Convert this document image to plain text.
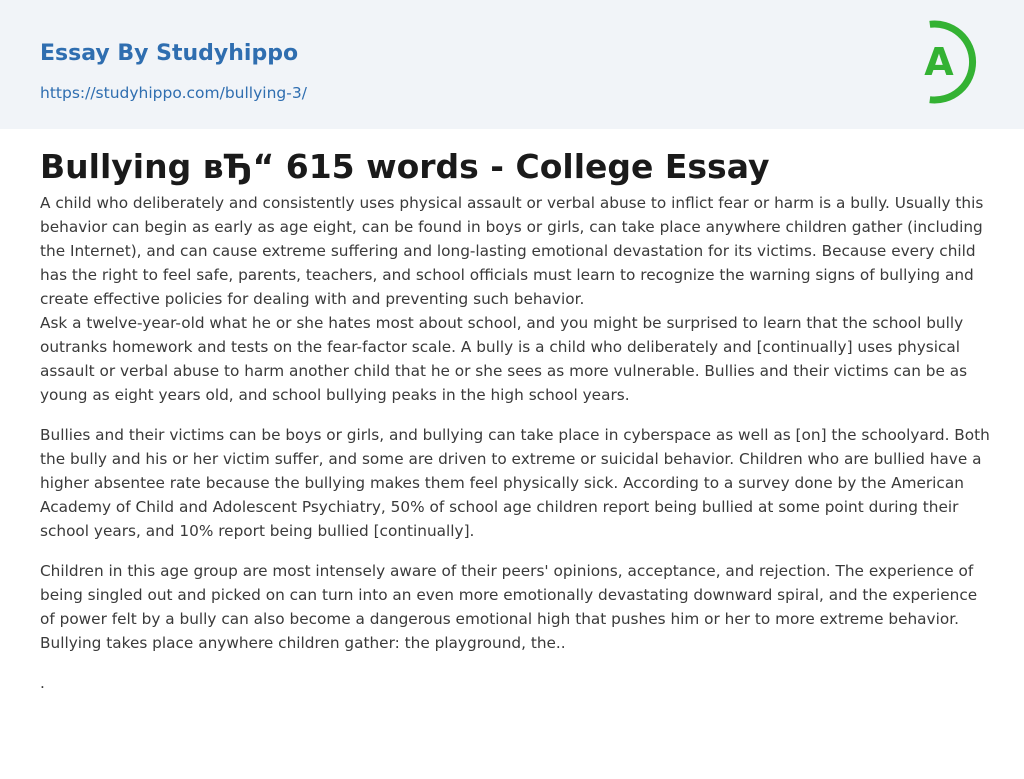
Essay By Studyhippo
https://studyhippo.com/bullying-3/
A
Bullying вЂ“ 615 words - College Essay

A child who deliberately and consistently uses physical assault or verbal abuse to inflict fear or harm is a bully. Usually this behavior can begin as early as age eight, can be found in boys or girls, can take place anywhere children gather (including the Internet), and can cause extreme suffering and long-lasting emotional devastation for its victims. Because every child has the right to feel safe, parents, teachers, and school officials must learn to recognize the warning signs of bullying and create effective policies for dealing with and preventing such behavior.

Ask a twelve-year-old what he or she hates most about school, and you might be surprised to learn that the school bully outranks homework and tests on the fear-factor scale. A bully is a child who deliberately and [continually] uses physical assault or verbal abuse to harm another child that he or she sees as more vulnerable. Bullies and their victims can be as young as eight years old, and school bullying peaks in the high school years.

Bullies and their victims can be boys or girls, and bullying can take place in cyberspace as well as [on] the schoolyard. Both the bully and his or her victim suffer, and some are driven to extreme or suicidal behavior. Children who are bullied have a higher absentee rate because the bullying makes them feel physically sick. According to a survey done by the American Academy of Child and Adolescent Psychiatry, 50% of school age children report being bullied at some point during their school years, and 10% report being bullied [continually].

Children in this age group are most intensely aware of their peers' opinions, acceptance, and rejection. The experience of being singled out and picked on can turn into an even more emotionally devastating downward spiral, and the experience of power felt by a bully can also become a dangerous emotional high that pushes him or her to more extreme behavior.

Bullying takes place anywhere children gather: the playground, the..

.
